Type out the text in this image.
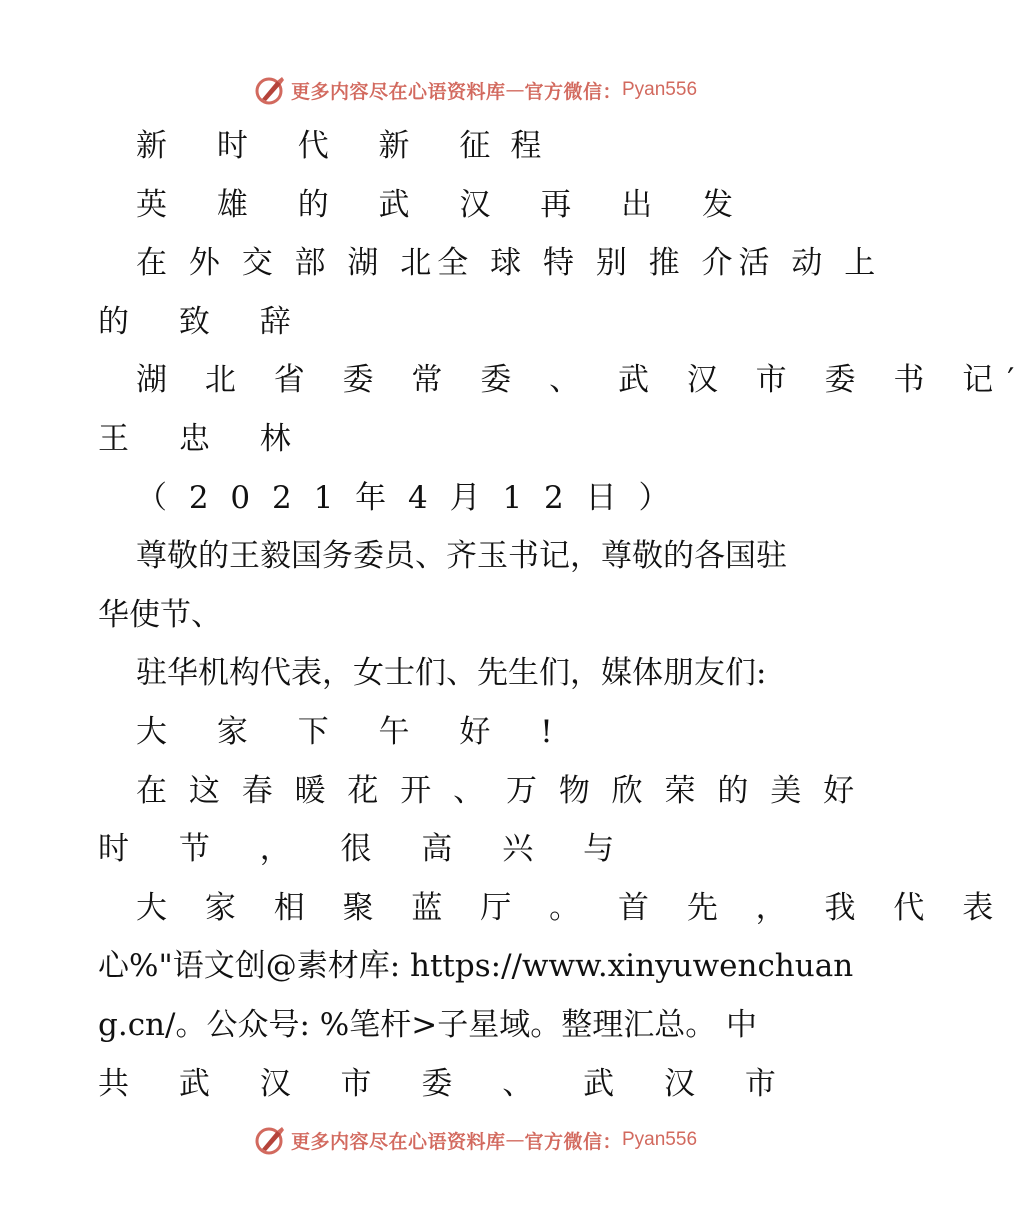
更多内容尽在心语资料库 — 官方微信： Pyan556
新 时 代 新 征程
英 雄 的 武 汉 再 出 发
在 外 交 部 湖 北全 球 特 别 推 介活 动 上
的 致 辞
湖 北 省 委 常 委 、 武 汉 市 委 书 记′
王 忠 林
（ 2 0 2 1 年 4 月 1 2 日 ）
尊敬的王毅国务委员、齐玉书记，尊敬的各国驻
华使节、
驻华机构代表，女士们、先生们，媒体朋友们:
大 家 下 午 好 !
在 这 春 暖 花 开 、 万 物 欣 荣 的 美 好
时 节 ， 很 高 兴 与
大 家 相 聚 蓝 厅 。 首 先 ， 我 代 表
心%"语文创@素材库: https://www.xinyuwenchuan
g.cn/。公众号: %笔杆>子星域。整理汇总。 中
共 武 汉 市 委 、 武 汉 市
更多内容尽在心语资料库 — 官方微信： Pyan556
